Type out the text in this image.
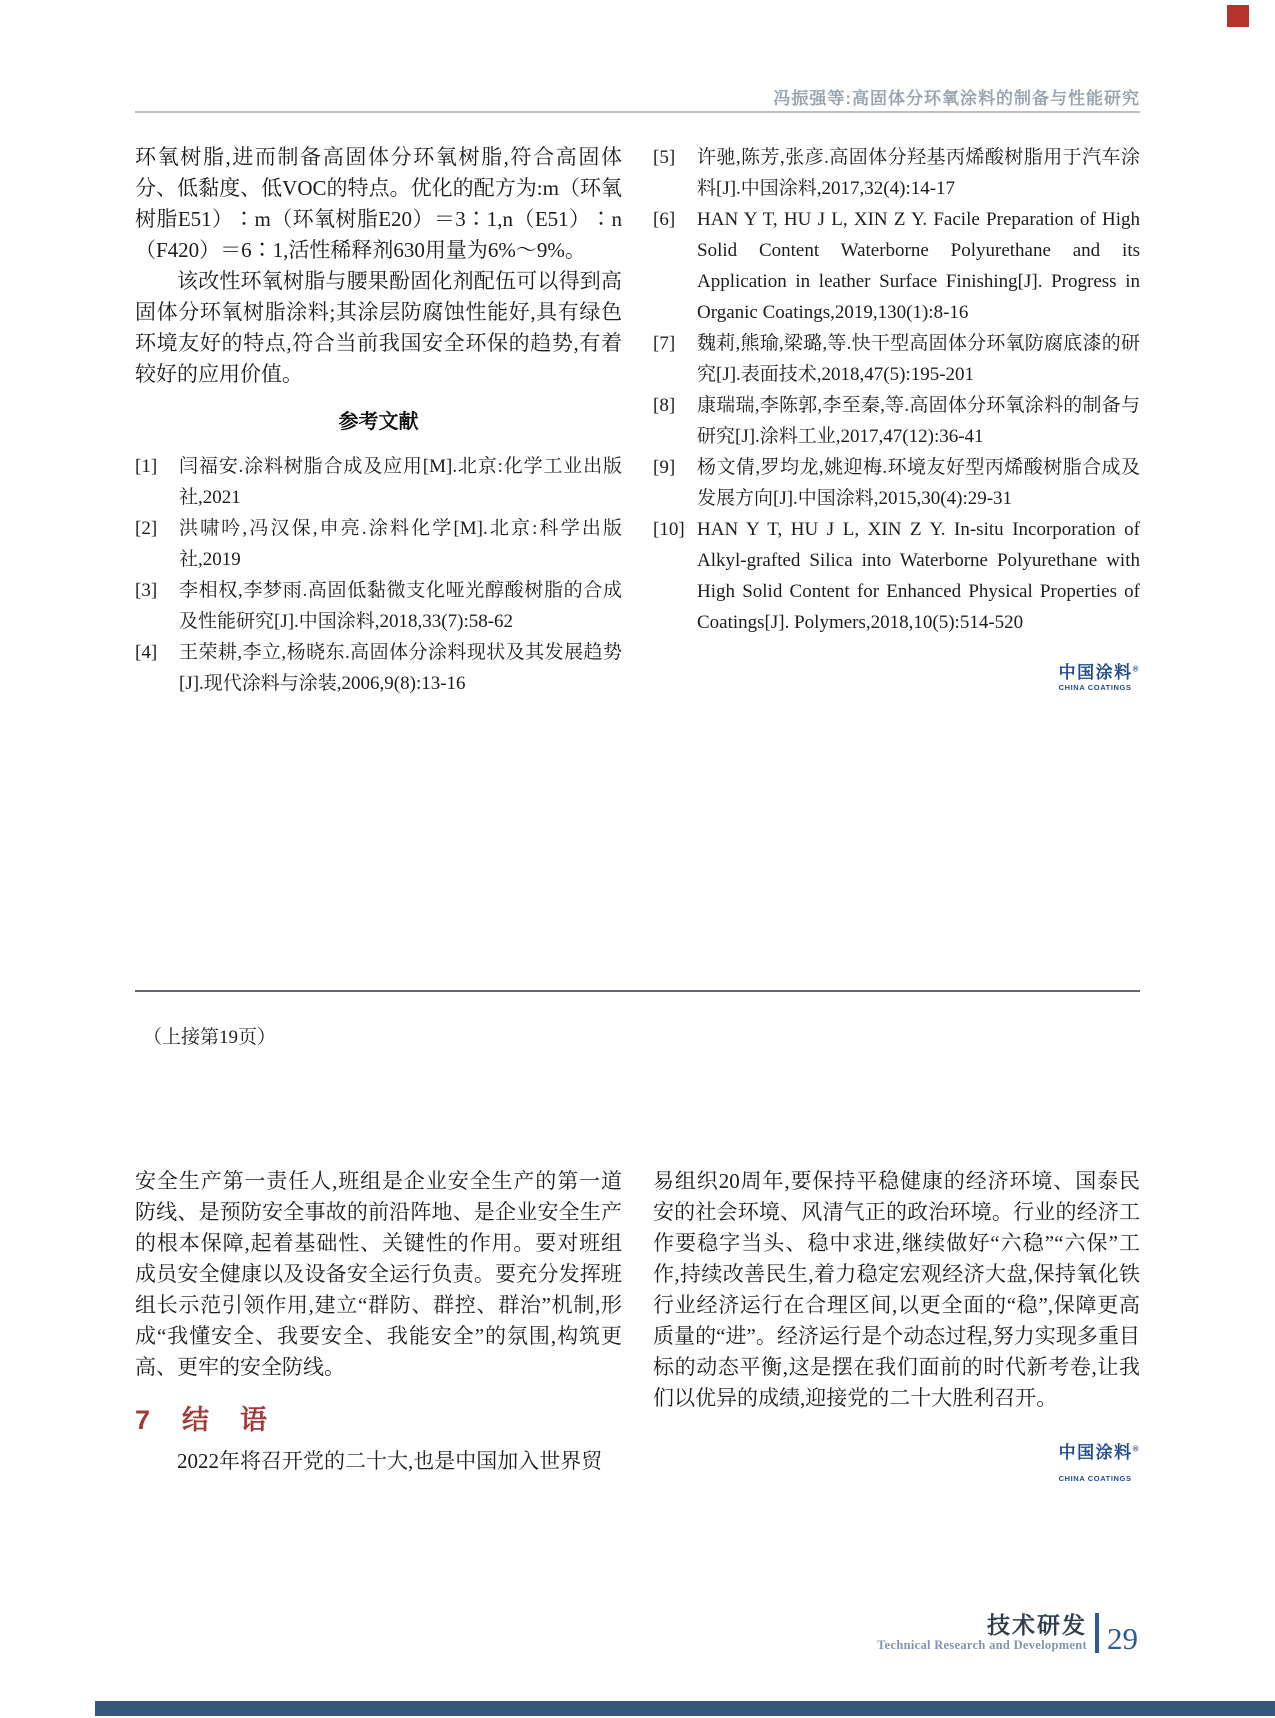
冯振强等:高固体分环氧涂料的制备与性能研究

环氧树脂,进而制备高固体分环氧树脂,符合高固体分、低黏度、低VOC的特点。优化的配方为:m（环氧树脂E51）∶m（环氧树脂E20）＝3∶1,n（E51）∶n（F420）＝6∶1,活性稀释剂630用量为6%～9%。

该改性环氧树脂与腰果酚固化剂配伍可以得到高固体分环氧树脂涂料;其涂层防腐蚀性能好,具有绿色环境友好的特点,符合当前我国安全环保的趋势,有着较好的应用价值。

参考文献
[1]	闫福安.涂料树脂合成及应用[M].北京:化学工业出版社,2021
[2]	洪啸吟,冯汉保,申亮.涂料化学[M].北京:科学出版社,2019
[3]	李相权,李梦雨.高固低黏微支化哑光醇酸树脂的合成及性能研究[J].中国涂料,2018,33(7):58-62
[4]	王荣耕,李立,杨晓东.高固体分涂料现状及其发展趋势[J].现代涂料与涂装,2006,9(8):13-16
[5]	许驰,陈芳,张彦.高固体分羟基丙烯酸树脂用于汽车涂料[J].中国涂料,2017,32(4):14-17
[6]	HAN Y T, HU J L, XIN Z Y. Facile Preparation of High Solid Content Waterborne Polyurethane and its Application in leather Surface Finishing[J]. Progress in Organic Coatings,2019,130(1):8-16
[7]	魏莉,熊瑜,梁璐,等.快干型高固体分环氧防腐底漆的研究[J].表面技术,2018,47(5):195-201
[8]	康瑞瑞,李陈郭,李至秦,等.高固体分环氧涂料的制备与研究[J].涂料工业,2017,47(12):36-41
[9]	杨文倩,罗均龙,姚迎梅.环境友好型丙烯酸树脂合成及发展方向[J].中国涂料,2015,30(4):29-31
[10] HAN Y T, HU J L, XIN Z Y. In-situ Incorporation of Alkyl-grafted Silica into Waterborne Polyurethane with High Solid Content for Enhanced Physical Properties of Coatings[J]. Polymers,2018,10(5):514-520
中国涂料®
CHINA COATINGS
（上接第19页）

安全生产第一责任人,班组是企业安全生产的第一道防线、是预防安全事故的前沿阵地、是企业安全生产的根本保障,起着基础性、关键性的作用。要对班组成员安全健康以及设备安全运行负责。要充分发挥班组长示范引领作用,建立“群防、群控、群治”机制,形成“我懂安全、我要安全、我能安全”的氛围,构筑更高、更牢的安全防线。

7 结　语

2022年将召开党的二十大,也是中国加入世界贸

易组织20周年,要保持平稳健康的经济环境、国泰民安的社会环境、风清气正的政治环境。行业的经济工作要稳字当头、稳中求进,继续做好“六稳”“六保”工作,持续改善民生,着力稳定宏观经济大盘,保持氧化铁行业经济运行在合理区间,以更全面的“稳”,保障更高质量的“进”。经济运行是个动态过程,努力实现多重目标的动态平衡,这是摆在我们面前的时代新考卷,让我们以优异的成绩,迎接党的二十大胜利召开。

中国涂料®
CHINA COATINGS
技术研发
Technical Research and Development 29
